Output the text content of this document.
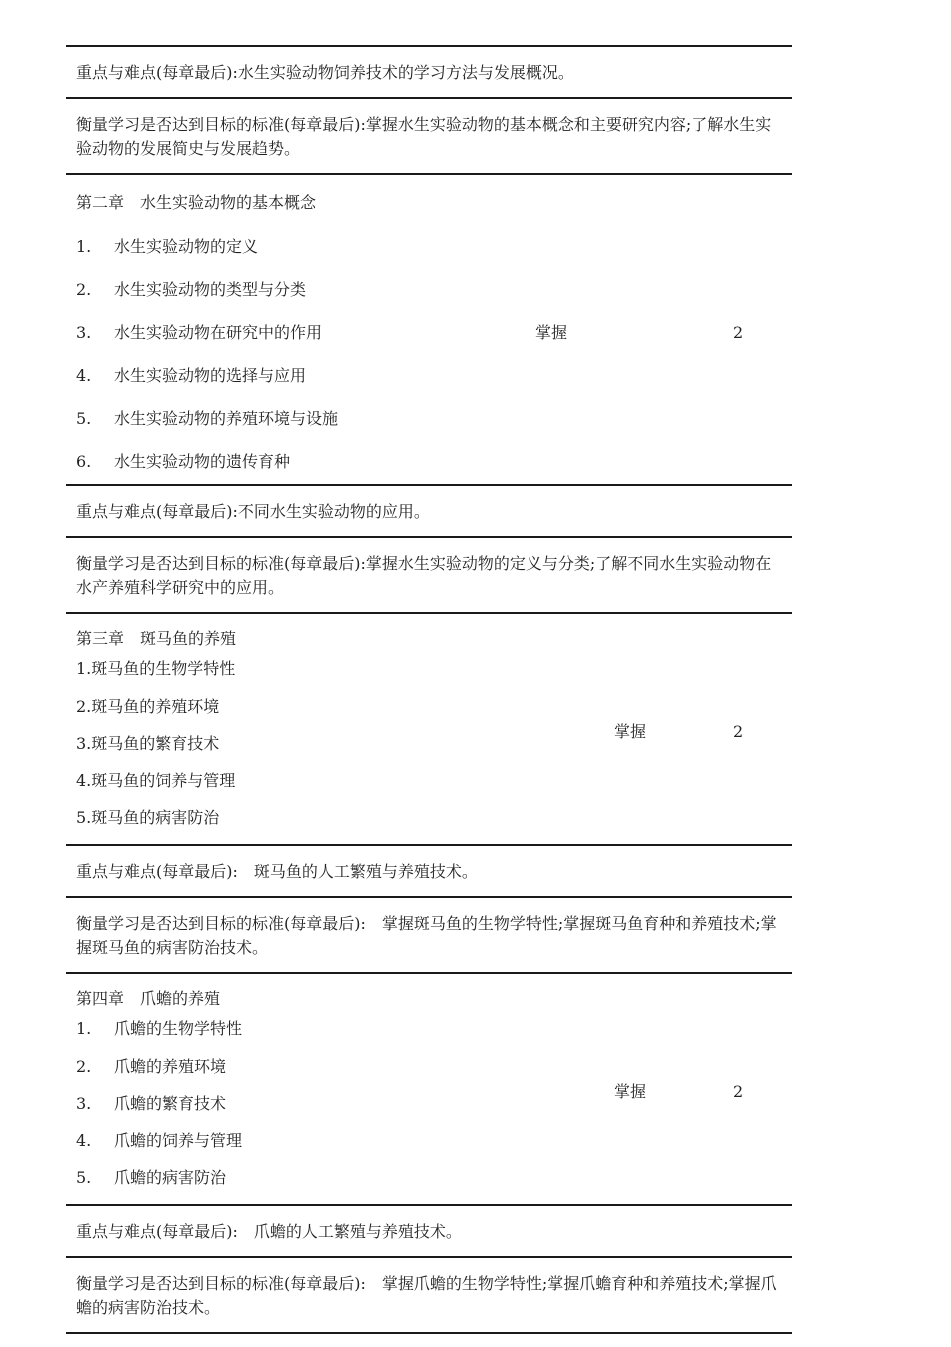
重点与难点(每章最后):水生实验动物饲养技术的学习方法与发展概况。
衡量学习是否达到目标的标准(每章最后):掌握水生实验动物的基本概念和主要研究内容;了解水生实验动物的发展简史与发展趋势。
第二章　水生实验动物的基本概念
1. 水生实验动物的定义
2. 水生实验动物的类型与分类
3. 水生实验动物在研究中的作用
4. 水生实验动物的选择与应用
5. 水生实验动物的养殖环境与设施
6. 水生实验动物的遗传育种
掌握	2
重点与难点(每章最后):不同水生实验动物的应用。
衡量学习是否达到目标的标准(每章最后):掌握水生实验动物的定义与分类;了解不同水生实验动物在水产养殖科学研究中的应用。
第三章　斑马鱼的养殖
1.斑马鱼的生物学特性
2.斑马鱼的养殖环境
3.斑马鱼的繁育技术
4.斑马鱼的饲养与管理
5.斑马鱼的病害防治
掌握	2
重点与难点(每章最后):　斑马鱼的人工繁殖与养殖技术。
衡量学习是否达到目标的标准(每章最后):　掌握斑马鱼的生物学特性;掌握斑马鱼育种和养殖技术;掌握斑马鱼的病害防治技术。
第四章　爪蟾的养殖
1. 爪蟾的生物学特性
2. 爪蟾的养殖环境
3. 爪蟾的繁育技术
4. 爪蟾的饲养与管理
5. 爪蟾的病害防治
掌握	2
重点与难点(每章最后):　爪蟾的人工繁殖与养殖技术。
衡量学习是否达到目标的标准(每章最后):　掌握爪蟾的生物学特性;掌握爪蟾育种和养殖技术;掌握爪蟾的病害防治技术。
